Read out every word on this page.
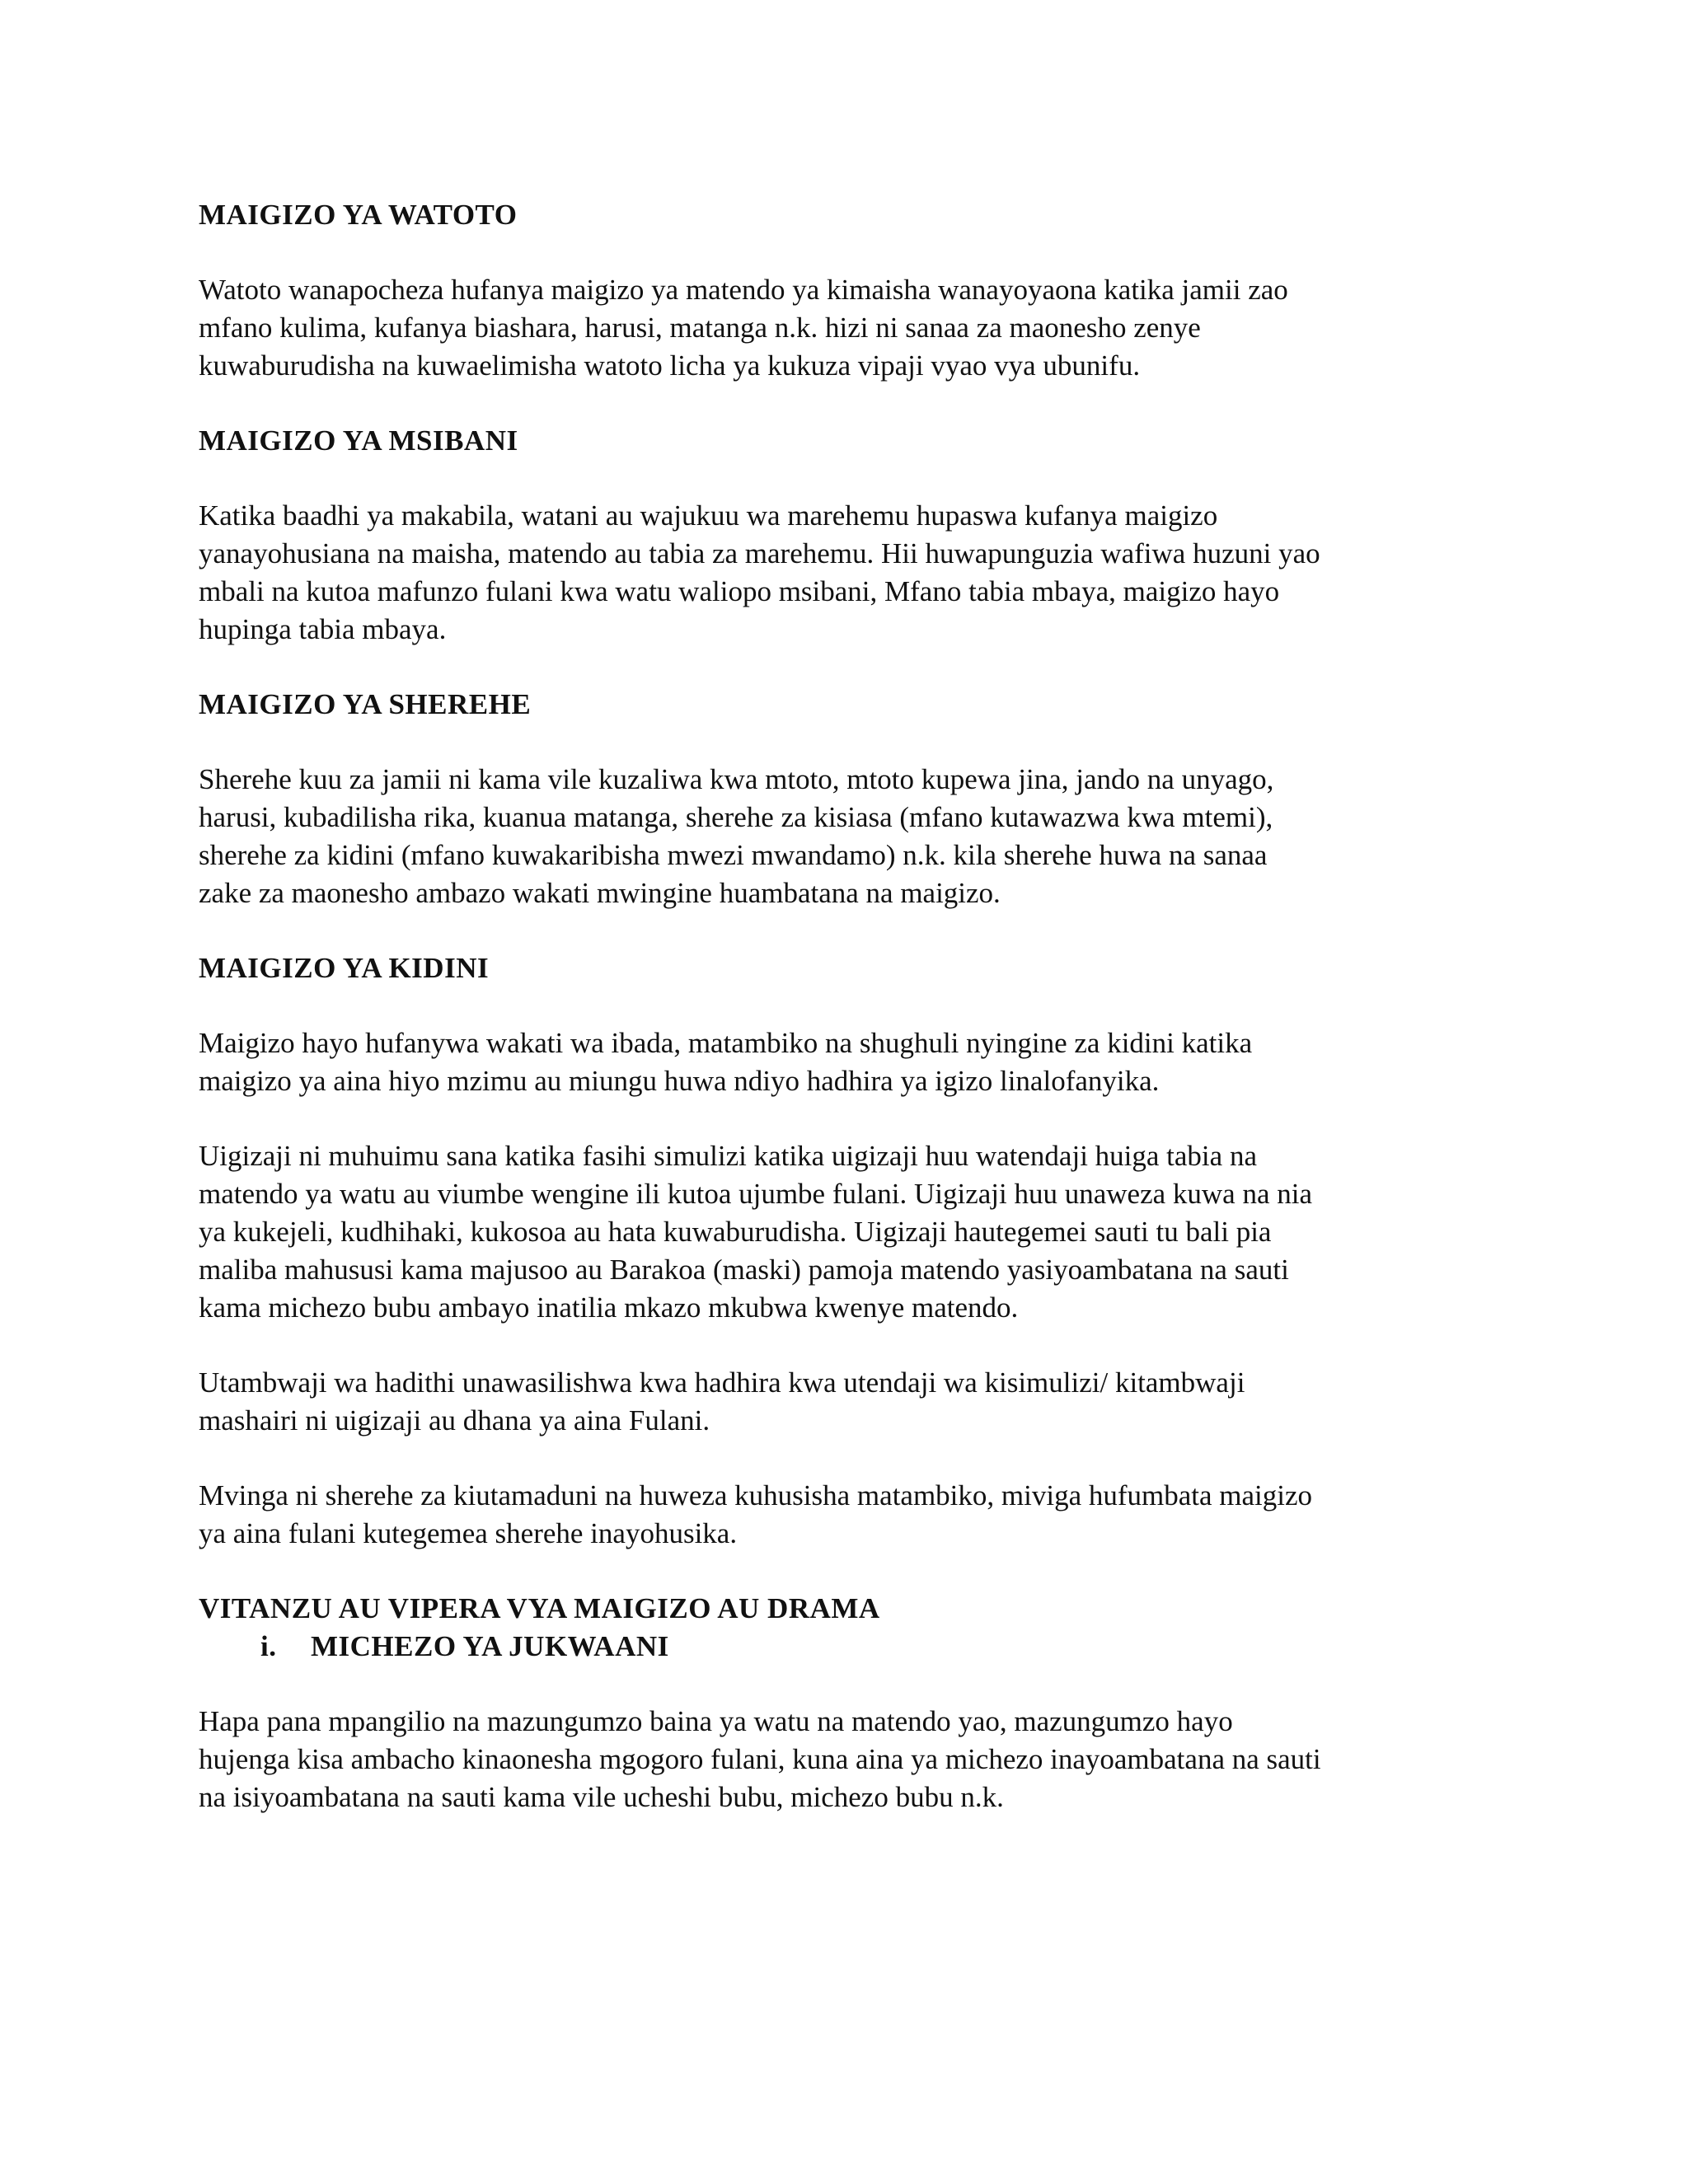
MAIGIZO YA WATOTO

Watoto wanapocheza hufanya maigizo ya matendo ya kimaisha wanayoyaona katika jamii zao
mfano kulima, kufanya biashara, harusi, matanga n.k. hizi ni sanaa za maonesho zenye
kuwaburudisha na kuwaelimisha watoto licha ya kukuza vipaji vyao vya ubunifu.

MAIGIZO YA MSIBANI

Katika baadhi ya makabila, watani au wajukuu wa marehemu hupaswa kufanya maigizo
yanayohusiana na maisha, matendo au tabia za marehemu. Hii huwapunguzia wafiwa huzuni yao
mbali na kutoa mafunzo fulani kwa watu waliopo msibani, Mfano tabia mbaya, maigizo hayo
hupinga tabia mbaya.

MAIGIZO YA SHEREHE

Sherehe kuu za jamii ni kama vile kuzaliwa kwa mtoto, mtoto kupewa jina, jando na unyago,
harusi, kubadilisha rika, kuanua matanga, sherehe za kisiasa (mfano kutawazwa kwa mtemi),
sherehe za kidini (mfano kuwakaribisha mwezi mwandamo) n.k. kila sherehe huwa na sanaa
zake za maonesho ambazo wakati mwingine huambatana na maigizo.

MAIGIZO YA KIDINI

Maigizo hayo hufanywa wakati wa ibada, matambiko na shughuli nyingine za kidini katika
maigizo ya aina hiyo mzimu au miungu huwa ndiyo hadhira ya igizo linalofanyika.

Uigizaji ni muhuimu sana katika fasihi simulizi katika uigizaji huu watendaji huiga tabia na
matendo ya watu au viumbe wengine ili kutoa ujumbe fulani. Uigizaji huu unaweza kuwa na nia
ya kukejeli, kudhihaki, kukosoa au hata kuwaburudisha. Uigizaji hautegemei sauti tu bali pia
maliba mahususi kama majusoo au Barakoa (maski) pamoja matendo yasiyoambatana na sauti
kama michezo bubu ambayo inatilia mkazo mkubwa kwenye matendo.

Utambwaji wa hadithi unawasilishwa kwa hadhira kwa utendaji wa kisimulizi/ kitambwaji
mashairi ni uigizaji au dhana ya aina Fulani.

Mvinga ni sherehe za kiutamaduni na huweza kuhusisha matambiko, miviga hufumbata maigizo
ya aina fulani kutegemea sherehe inayohusika.

VITANZU AU VIPERA VYA MAIGIZO AU DRAMA
i.	MICHEZO YA JUKWAANI

Hapa pana mpangilio na mazungumzo baina ya watu na matendo yao, mazungumzo hayo
hujenga kisa ambacho kinaonesha mgogoro fulani, kuna aina ya michezo inayoambatana na sauti
na isiyoambatana na sauti kama vile ucheshi bubu, michezo bubu n.k.
